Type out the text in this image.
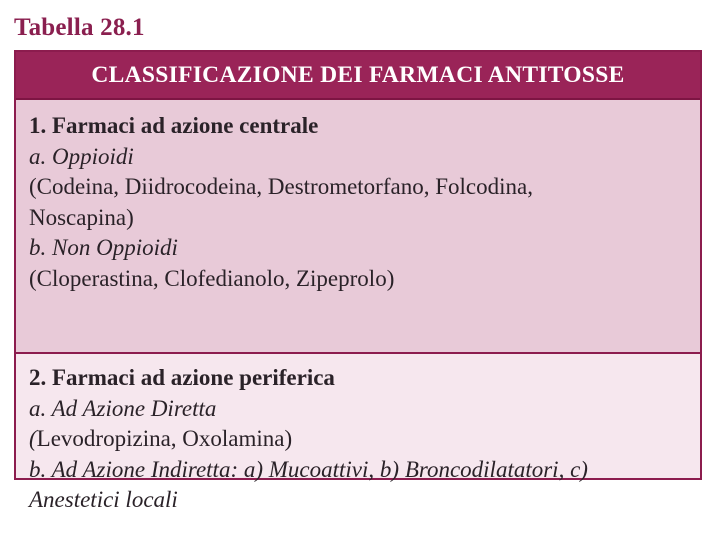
Tabella 28.1
CLASSIFICAZIONE DEI FARMACI ANTITOSSE
1. Farmaci ad azione centrale
a. Oppioidi
(Codeina, Diidrocodeina, Destrometorfano, Folcodina,
Noscapina)
b. Non Oppioidi
(Cloperastina, Clofedianolo, Zipeprolo)
2. Farmaci ad azione periferica
a. Ad Azione Diretta
(Levodropizina, Oxolamina)
b. Ad Azione Indiretta: a) Mucoattivi, b) Broncodilatatori, c)
Anestetici locali
